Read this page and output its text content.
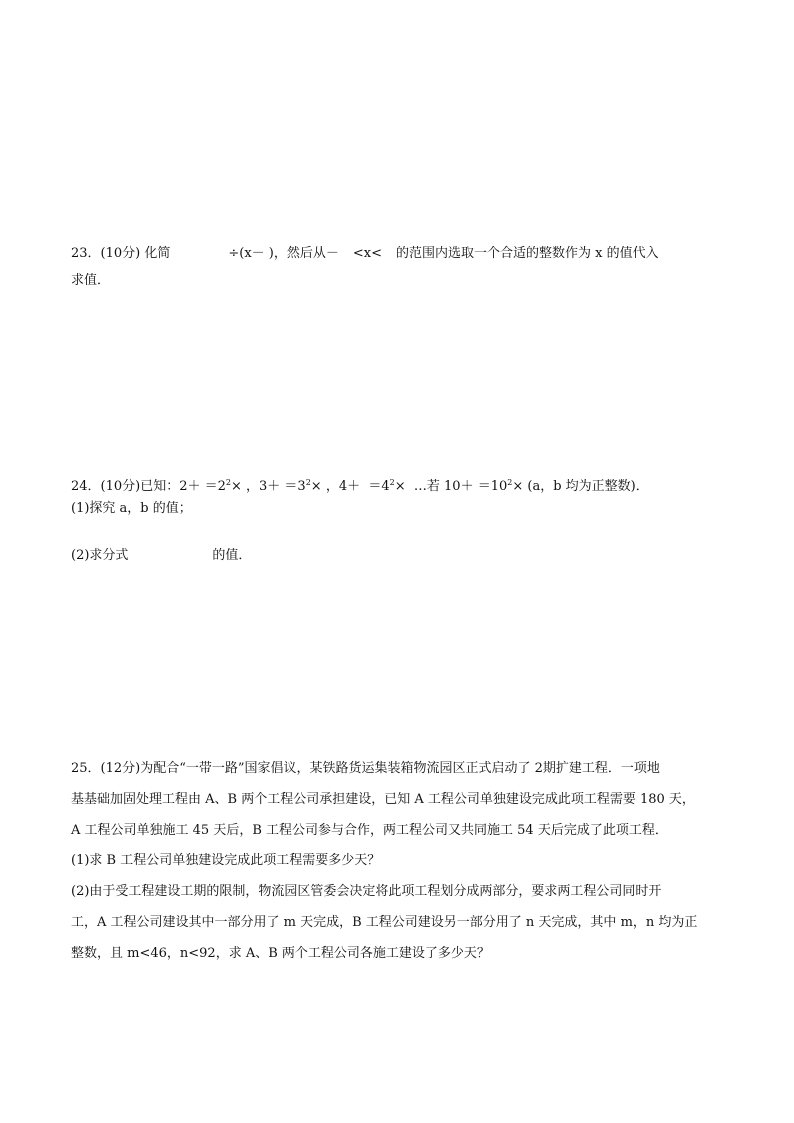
23．(10分) 化简	÷(x－ )，然后从－ <x< 的范围内选取一个合适的整数作为 x 的值代入
求值．
24．(10分)已知：$2+ =2^2\times$ ，$3+ =3^2\times$ ，$4+ =4^2\times$  …若 $10+ =10^2\times (a$，b 均为正整数)．
(1)探究 a，b 的值；
(2)求分式	的值．
25．(12分)为配合“一带一路”国家倡议，某铁路货运集装箱物流园区正式启动了 2期扩建工程．一项地
基基础加固处理工程由 A、B 两个工程公司承担建设，已知 A 工程公司单独建设完成此项工程需要 180 天，
A 工程公司单独施工 45 天后，B 工程公司参与合作，两工程公司又共同施工 54 天后完成了此项工程．
(1)求 B 工程公司单独建设完成此项工程需要多少天？
(2)由于受工程建设工期的限制，物流园区管委会决定将此项工程划分成两部分，要求两工程公司同时开
工，A 工程公司建设其中一部分用了 m 天完成，B 工程公司建设另一部分用了 n 天完成，其中 m，n 均为正
整数，且 m<46，n<92，求 A、B 两个工程公司各施工建设了多少天？
